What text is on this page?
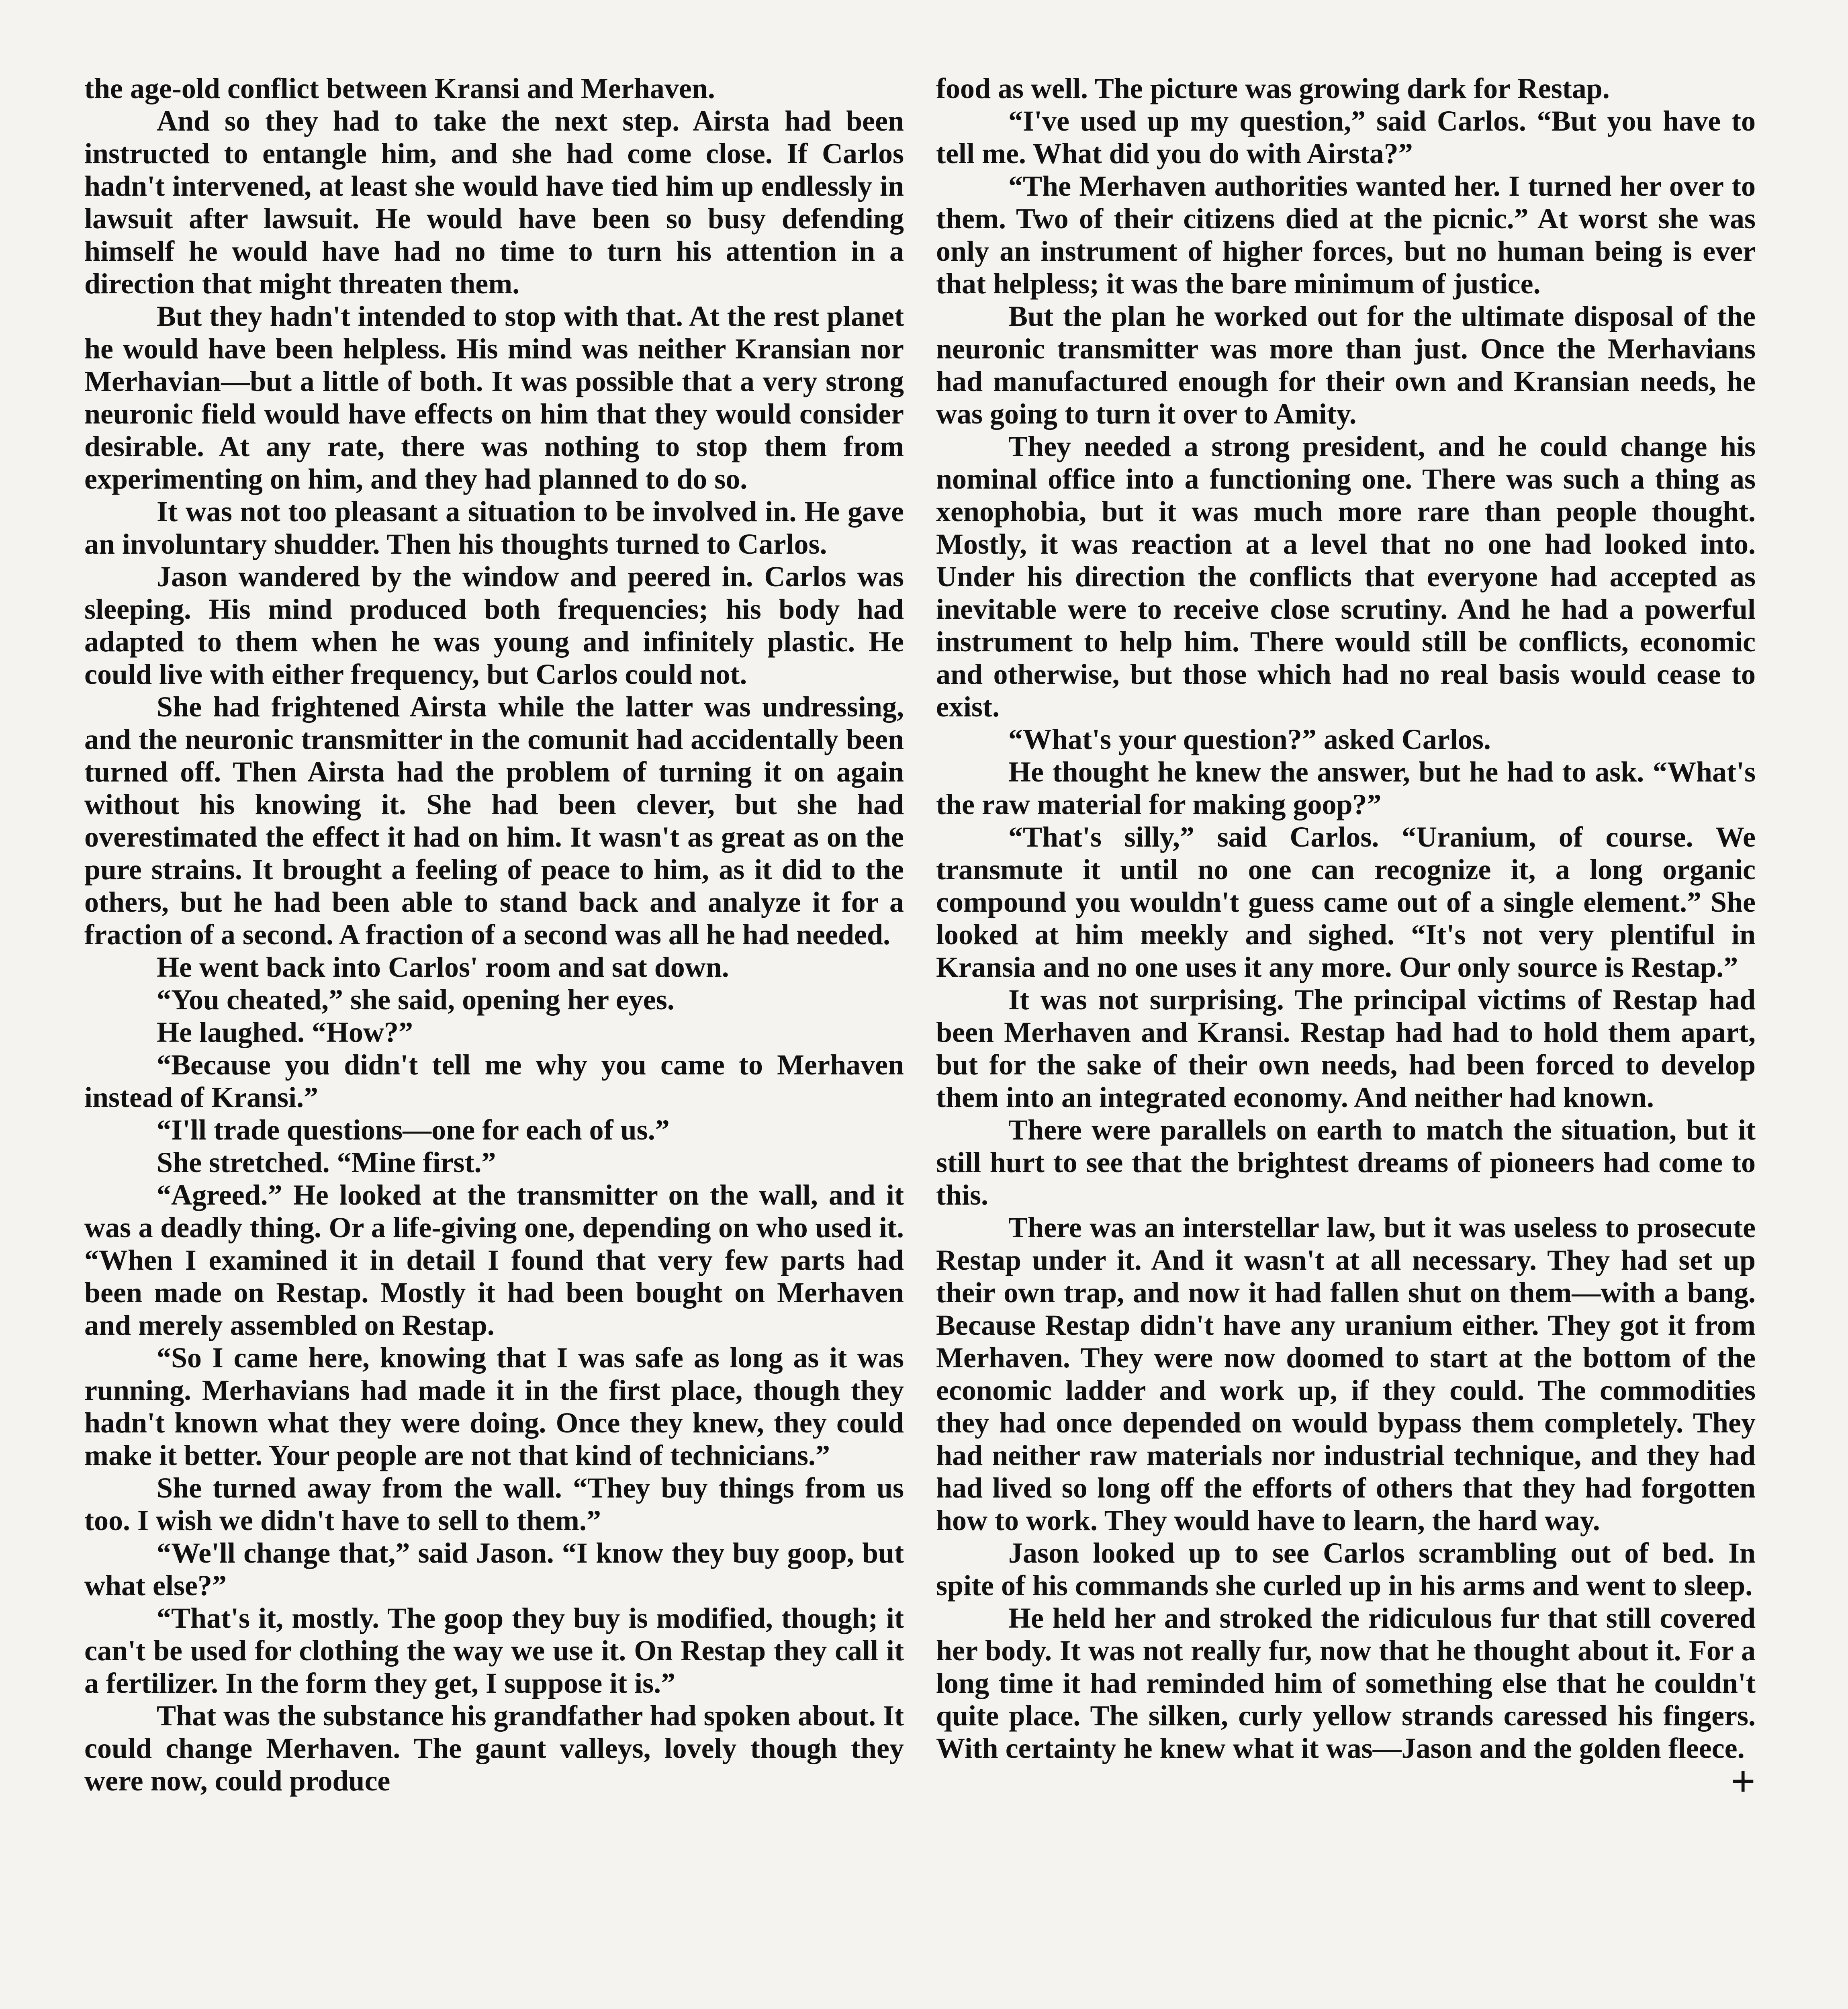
the age-old conflict between Kransi and Merhaven.

And so they had to take the next step. Airsta had been instructed to entangle him, and she had come close. If Carlos hadn't intervened, at least she would have tied him up endlessly in lawsuit after lawsuit. He would have been so busy defending himself he would have had no time to turn his attention in a direction that might threaten them.

But they hadn't intended to stop with that. At the rest planet he would have been helpless. His mind was neither Kransian nor Merhavian—but a little of both. It was possible that a very strong neuronic field would have effects on him that they would consider desirable. At any rate, there was nothing to stop them from experimenting on him, and they had planned to do so.

It was not too pleasant a situation to be involved in. He gave an involuntary shudder. Then his thoughts turned to Carlos.

Jason wandered by the window and peered in. Carlos was sleeping. His mind produced both frequencies; his body had adapted to them when he was young and infinitely plastic. He could live with either frequency, but Carlos could not.

She had frightened Airsta while the latter was undressing, and the neuronic transmitter in the comunit had accidentally been turned off. Then Airsta had the problem of turning it on again without his knowing it. She had been clever, but she had overestimated the effect it had on him. It wasn't as great as on the pure strains. It brought a feeling of peace to him, as it did to the others, but he had been able to stand back and analyze it for a fraction of a second. A fraction of a second was all he had needed.

He went back into Carlos' room and sat down.

“You cheated,” she said, opening her eyes.

He laughed. “How?”

“Because you didn't tell me why you came to Merhaven instead of Kransi.”

“I'll trade questions—one for each of us.”

She stretched. “Mine first.”

“Agreed.” He looked at the transmitter on the wall, and it was a deadly thing. Or a life-giving one, depending on who used it. “When I examined it in detail I found that very few parts had been made on Restap. Mostly it had been bought on Merhaven and merely assembled on Restap.

“So I came here, knowing that I was safe as long as it was running. Merhavians had made it in the first place, though they hadn't known what they were doing. Once they knew, they could make it better. Your people are not that kind of technicians.”

She turned away from the wall. “They buy things from us too. I wish we didn't have to sell to them.”

“We'll change that,” said Jason. “I know they buy goop, but what else?”

“That's it, mostly. The goop they buy is modified, though; it can't be used for clothing the way we use it. On Restap they call it a fertilizer. In the form they get, I suppose it is.”

That was the substance his grandfather had spoken about. It could change Merhaven. The gaunt valleys, lovely though they were now, could produce

food as well. The picture was growing dark for Restap.

“I've used up my question,” said Carlos. “But you have to tell me. What did you do with Airsta?”

“The Merhaven authorities wanted her. I turned her over to them. Two of their citizens died at the picnic.” At worst she was only an instrument of higher forces, but no human being is ever that helpless; it was the bare minimum of justice.

But the plan he worked out for the ultimate disposal of the neuronic transmitter was more than just. Once the Merhavians had manufactured enough for their own and Kransian needs, he was going to turn it over to Amity.

They needed a strong president, and he could change his nominal office into a functioning one. There was such a thing as xenophobia, but it was much more rare than people thought. Mostly, it was reaction at a level that no one had looked into. Under his direction the conflicts that everyone had accepted as inevitable were to receive close scrutiny. And he had a powerful instrument to help him. There would still be conflicts, economic and otherwise, but those which had no real basis would cease to exist.

“What's your question?” asked Carlos.

He thought he knew the answer, but he had to ask. “What's the raw material for making goop?”

“That's silly,” said Carlos. “Uranium, of course. We transmute it until no one can recognize it, a long organic compound you wouldn't guess came out of a single element.” She looked at him meekly and sighed. “It's not very plentiful in Kransia and no one uses it any more. Our only source is Restap.”

It was not surprising. The principal victims of Restap had been Merhaven and Kransi. Restap had had to hold them apart, but for the sake of their own needs, had been forced to develop them into an integrated economy. And neither had known.

There were parallels on earth to match the situation, but it still hurt to see that the brightest dreams of pioneers had come to this.

There was an interstellar law, but it was useless to prosecute Restap under it. And it wasn't at all necessary. They had set up their own trap, and now it had fallen shut on them—with a bang. Because Restap didn't have any uranium either. They got it from Merhaven. They were now doomed to start at the bottom of the economic ladder and work up, if they could. The commodities they had once depended on would bypass them completely. They had neither raw materials nor industrial technique, and they had had lived so long off the efforts of others that they had forgotten how to work. They would have to learn, the hard way.

Jason looked up to see Carlos scrambling out of bed. In spite of his commands she curled up in his arms and went to sleep.

He held her and stroked the ridiculous fur that still covered her body. It was not really fur, now that he thought about it. For a long time it had reminded him of something else that he couldn't quite place. The silken, curly yellow strands caressed his fingers. With certainty he knew what it was—Jason and the golden fleece.
+
